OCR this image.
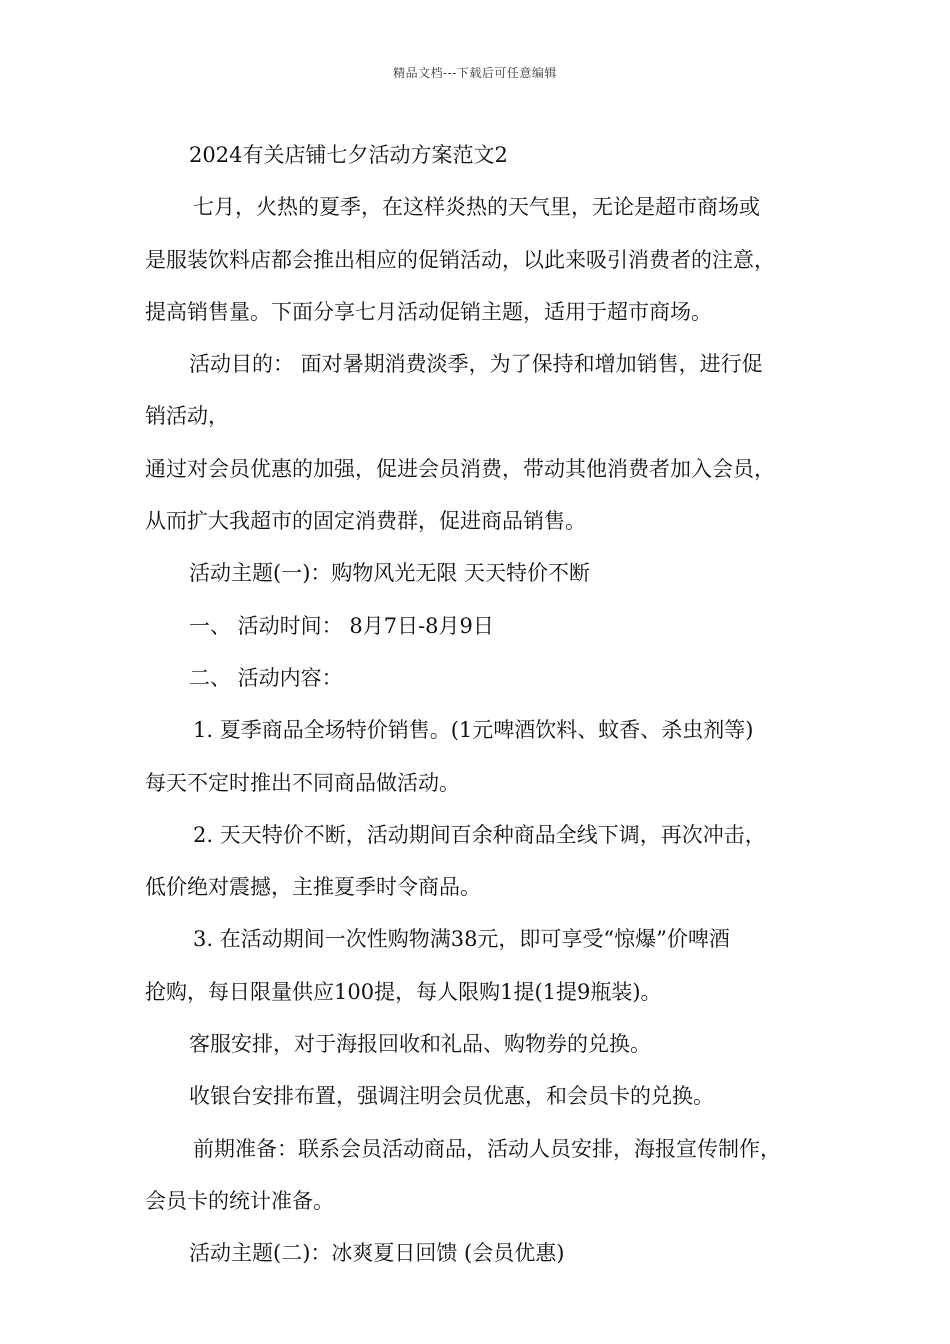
精品文档---下载后可任意编辑
2024有关店铺七夕活动方案范文2
七月，火热的夏季，在这样炎热的天气里，无论是超市商场或
是服装饮料店都会推出相应的促销活动，以此来吸引消费者的注意，
提高销售量。下面分享七月活动促销主题，适用于超市商场。
活动目的： 面对暑期消费淡季，为了保持和增加销售，进行促
销活动，
通过对会员优惠的加强，促进会员消费，带动其他消费者加入会员，
从而扩大我超市的固定消费群，促进商品销售。
活动主题(一)：购物风光无限 天天特价不断
一、 活动时间： 8月7日-8月9日
二、 活动内容：
1. 夏季商品全场特价销售。(1元啤酒饮料、蚊香、杀虫剂等)
每天不定时推出不同商品做活动。
2. 天天特价不断，活动期间百余种商品全线下调，再次冲击，
低价绝对震撼，主推夏季时令商品。
3. 在活动期间一次性购物满38元，即可享受“惊爆”价啤酒
抢购，每日限量供应100提，每人限购1提(1提9瓶装)。
客服安排，对于海报回收和礼品、购物券的兑换。
收银台安排布置，强调注明会员优惠，和会员卡的兑换。
前期准备：联系会员活动商品，活动人员安排，海报宣传制作，
会员卡的统计准备。
活动主题(二)：冰爽夏日回馈 (会员优惠)
